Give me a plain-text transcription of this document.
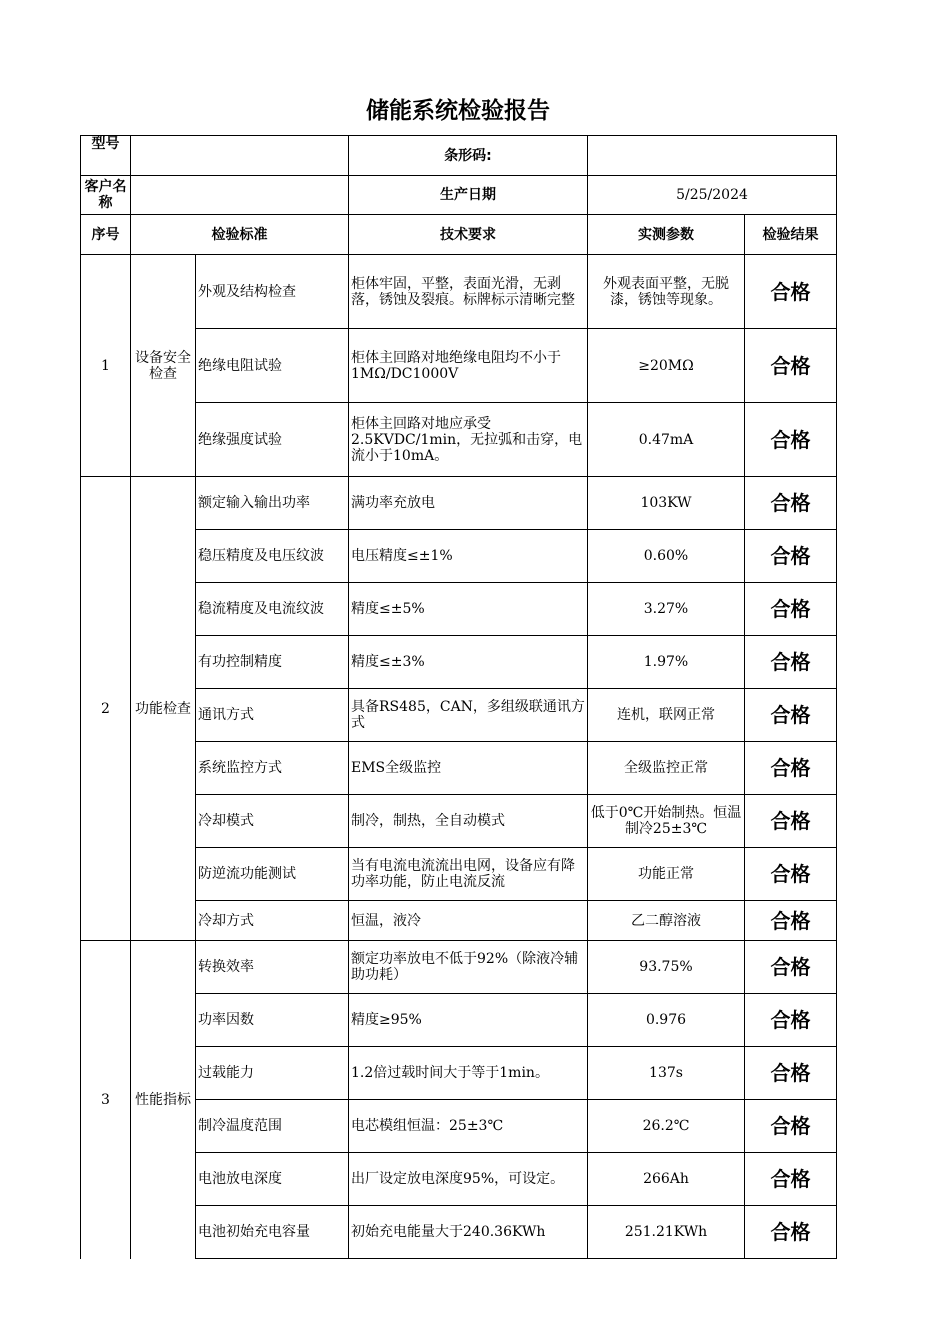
储能系统检验报告
型号			条形码:		
客户名称			生产日期	5/25/2024	
序号	检验标准		技术要求	实测参数	检验结果
1	设备安全检查	外观及结构检查	柜体牢固，平整，表面光滑，无剥落，锈蚀及裂痕。标牌标示清晰完整	外观表面平整，无脱漆，锈蚀等现象。	合格
		绝缘电阻试验	柜体主回路对地绝缘电阻均不小于1MΩ/DC1000V	≥20MΩ	合格
		绝缘强度试验	柜体主回路对地应承受2.5KVDC/1min，无拉弧和击穿，电流小于10mA。	0.47mA	合格
2	功能检查	额定输入输出功率	满功率充放电	103KW	合格
		稳压精度及电压纹波	电压精度≤±1%	0.60%	合格
		稳流精度及电流纹波	精度≤±5%	3.27%	合格
		有功控制精度	精度≤±3%	1.97%	合格
		通讯方式	具备RS485，CAN，多组级联通讯方式	连机，联网正常	合格
		系统监控方式	EMS全级监控	全级监控正常	合格
		冷却模式	制冷，制热，全自动模式	低于0℃开始制热。恒温制冷25±3℃	合格
		防逆流功能测试	当有电流电流流出电网，设备应有降功率功能，防止电流反流	功能正常	合格
		冷却方式	恒温，液冷	乙二醇溶液	合格
3	性能指标	转换效率	额定功率放电不低于92%（除液冷辅助功耗）	93.75%	合格
		功率因数	精度≥95%	0.976	合格
		过载能力	1.2倍过载时间大于等于1min。	137s	合格
		制冷温度范围	电芯模组恒温：25±3℃	26.2℃	合格
		电池放电深度	出厂设定放电深度95%，可设定。	266Ah	合格
		电池初始充电容量	初始充电能量大于240.36KWh	251.21KWh	合格
